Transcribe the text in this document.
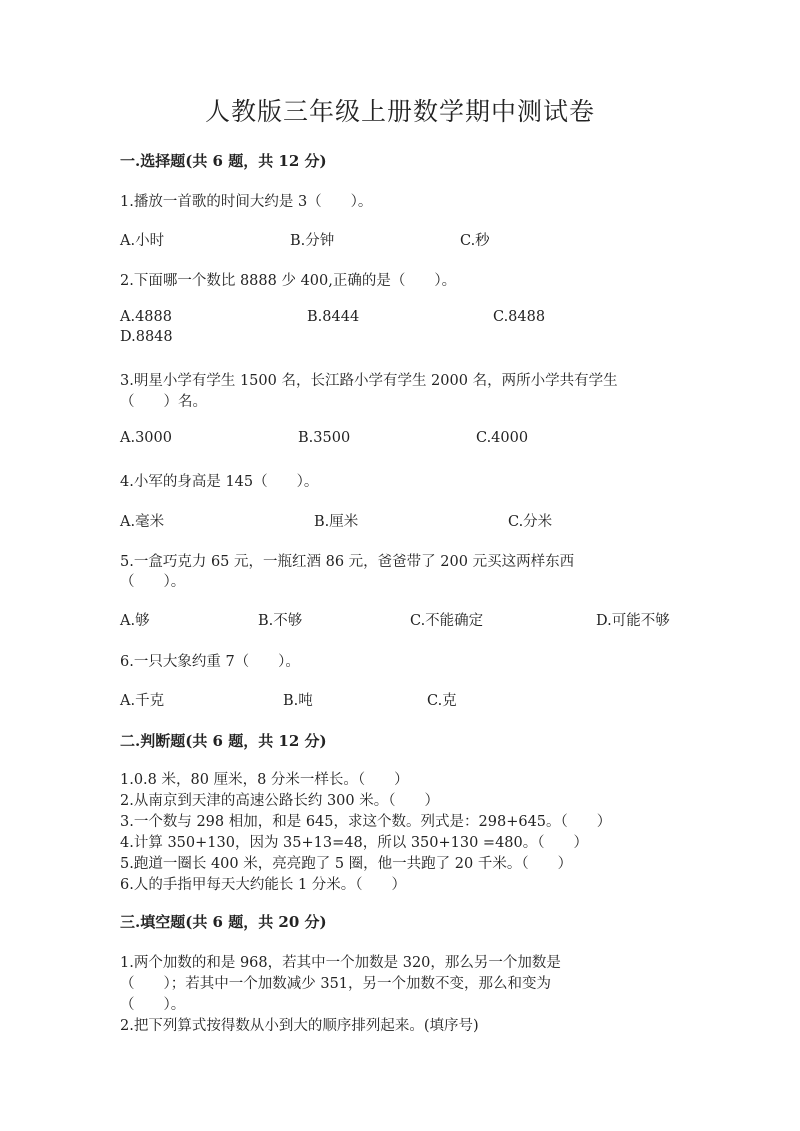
人教版三年级上册数学期中测试卷
一.选择题(共 6 题，共 12 分)
1.播放一首歌的时间大约是 3（　　）。
A.小时	B.分钟	C.秒
2.下面哪一个数比 8888 少 400,正确的是（　　）。
A.4888	B.8444	C.8488
D.8848
3.明星小学有学生 1500 名，长江路小学有学生 2000 名，两所小学共有学生
（　　）名。
A.3000	B.3500	C.4000
4.小军的身高是 145（　　）。
A.毫米	B.厘米	C.分米
5.一盒巧克力 65 元，一瓶红酒 86 元，爸爸带了 200 元买这两样东西
（　　）。
A.够	B.不够	C.不能确定	D.可能不够
6.一只大象约重 7（　　）。
A.千克	B.吨	C.克
二.判断题(共 6 题，共 12 分)
1.0.8 米，80 厘米，8 分米一样长。（　　）
2.从南京到天津的高速公路长约 300 米。（　　）
3.一个数与 298 相加，和是 645，求这个数。列式是：298+645。（　　）
4.计算 350+130，因为 35+13=48，所以 350+130 =480。（　　）
5.跑道一圈长 400 米，亮亮跑了 5 圈，他一共跑了 20 千米。（　　）
6.人的手指甲每天大约能长 1 分米。（　　）
三.填空题(共 6 题，共 20 分)
1.两个加数的和是 968，若其中一个加数是 320，那么另一个加数是
（　　）；若其中一个加数减少 351，另一个加数不变，那么和变为
（　　）。
2.把下列算式按得数从小到大的顺序排列起来。(填序号)
